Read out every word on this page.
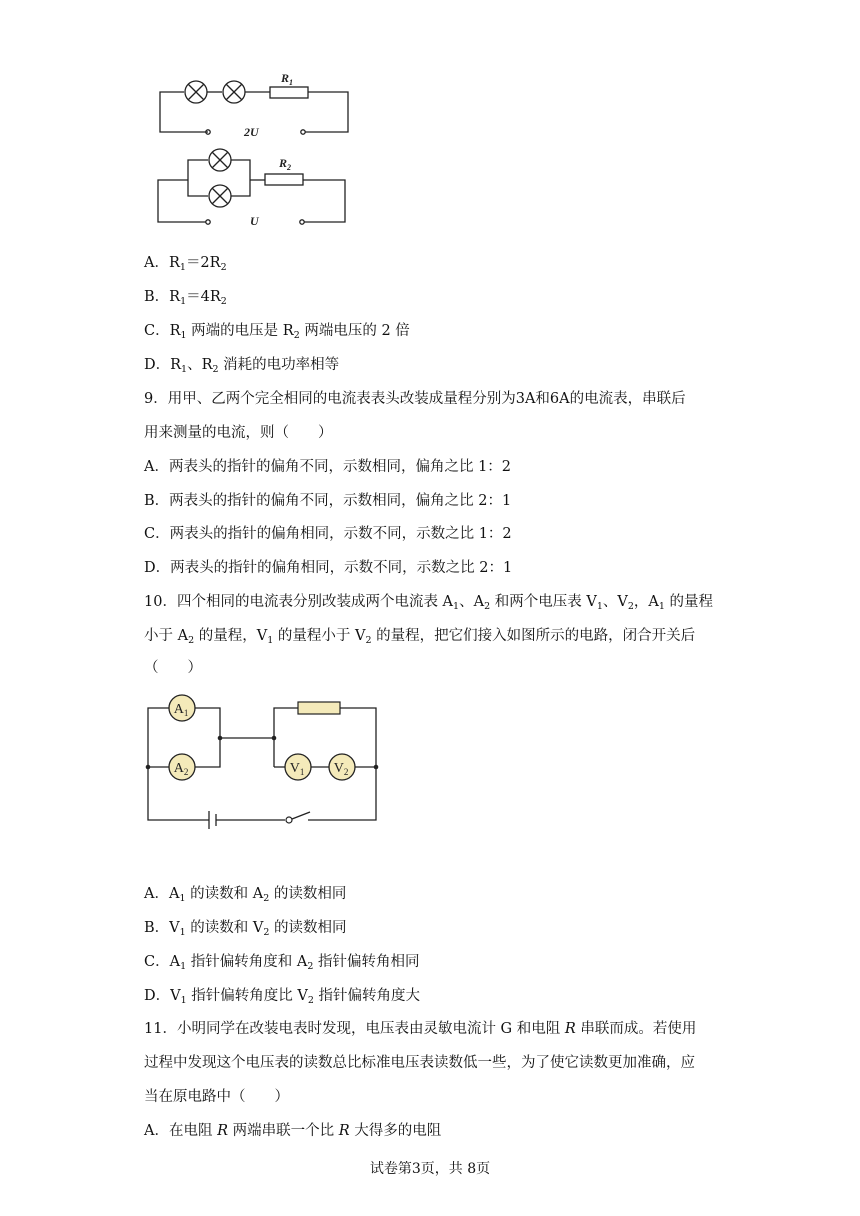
$R_1$
2U
$R_2$
U
A．$R_1=2R_2$
B．$R_1=4R_2$
C．$R_1$ 两端的电压是 $R_2$ 两端电压的 2 倍
D．$R_1$、$R_2$ 消耗的电功率相等
9．用甲、乙两个完全相同的电流表表头改装成量程分别为3A和6A的电流表，串联后
用来测量的电流，则（　　）
A．两表头的指针的偏角不同，示数相同，偏角之比 1：2
B．两表头的指针的偏角不同，示数相同，偏角之比 2：1
C．两表头的指针的偏角相同，示数不同，示数之比 1：2
D．两表头的指针的偏角相同，示数不同，示数之比 2：1
10．四个相同的电流表分别改装成两个电流表 $A_1$、$A_2$ 和两个电压表 $V_1$、$V_2$，$A_1$ 的量程
小于 $A_2$ 的量程，$V_1$ 的量程小于 $V_2$ 的量程，把它们接入如图所示的电路，闭合开关后
（　　）
$A_1$
$A_2$	$V_1$ $V_2$
A．$A_1$ 的读数和 $A_2$ 的读数相同
B．$V_1$ 的读数和 $V_2$ 的读数相同
C．$A_1$ 指针偏转角度和 $A_2$ 指针偏转角相同
D．$V_1$ 指针偏转角度比 $V_2$ 指针偏转角度大
11．小明同学在改装电表时发现，电压表由灵敏电流计 G 和电阻 R 串联而成。若使用
过程中发现这个电压表的读数总比标准电压表读数低一些，为了使它读数更加准确，应
当在原电路中（　　）
A．在电阻 R 两端串联一个比 R 大得多的电阻
试卷第3页，共 8页
